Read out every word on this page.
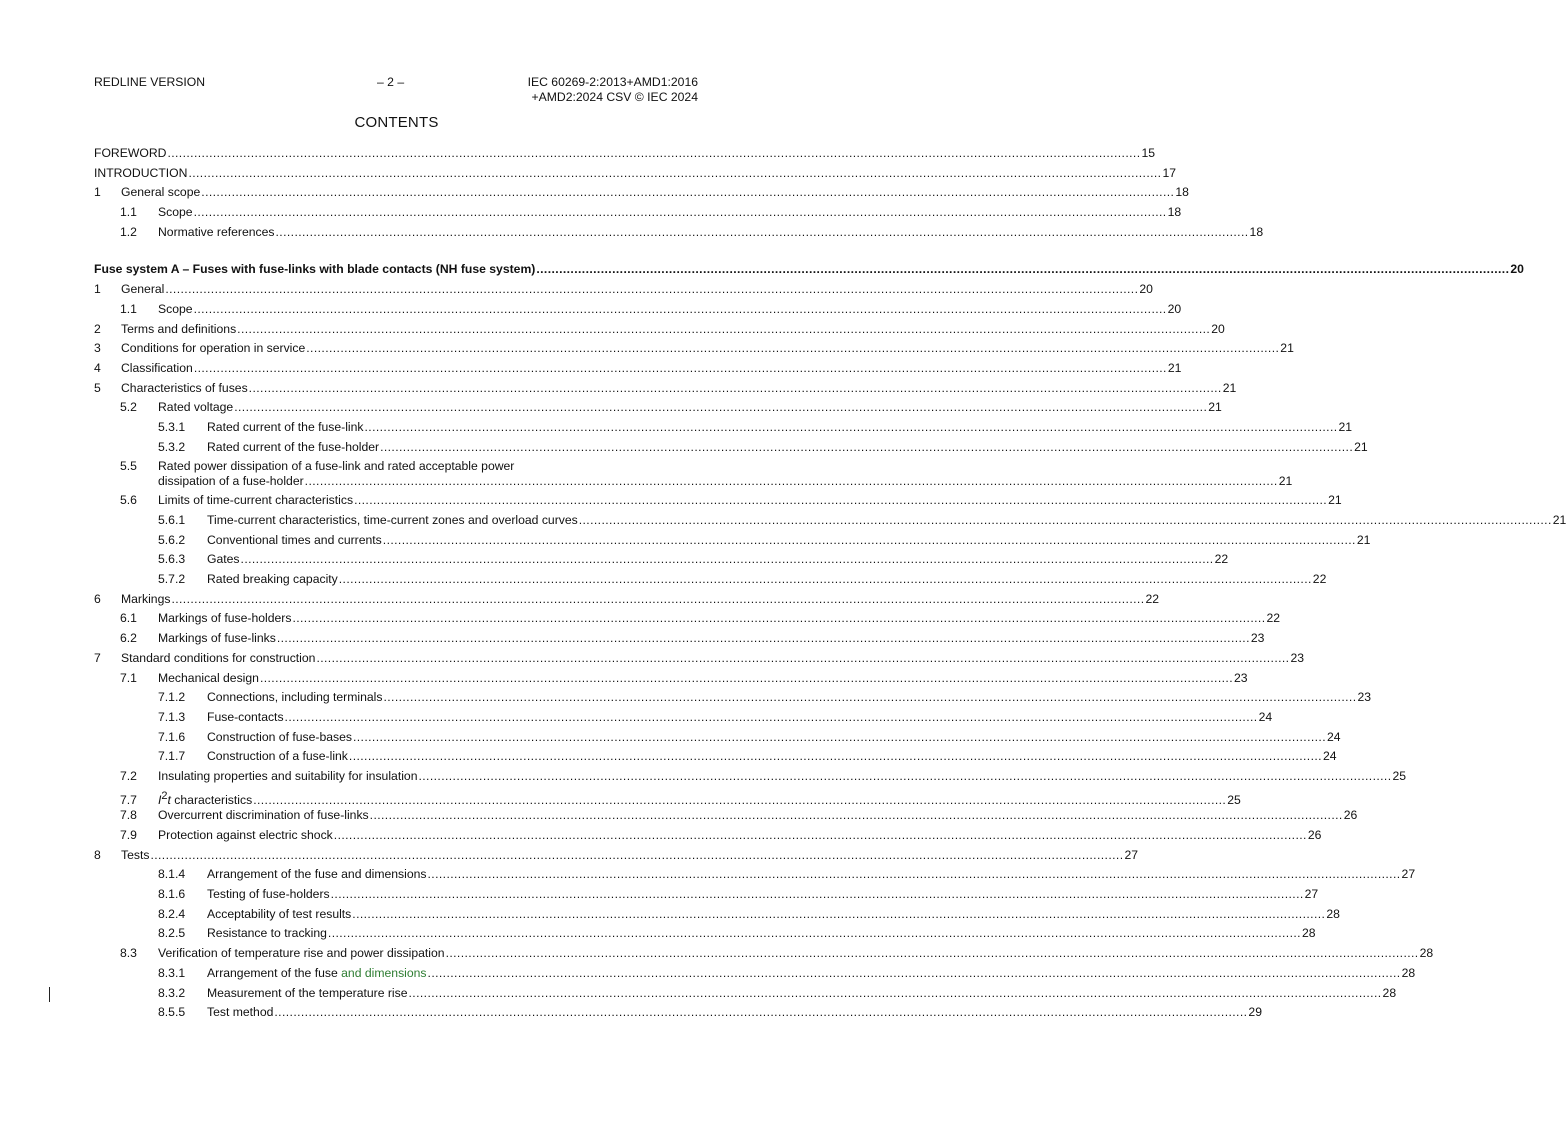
REDLINE VERSION	– 2 –	IEC 60269-2:2013+AMD1:2016
+AMD2:2024 CSV © IEC 2024
CONTENTS
FOREWORD .....	15
INTRODUCTION .....	17
1	General scope .....	18
1.1	Scope .....	18
1.2	Normative references .....	18
Fuse system A – Fuses with fuse-links with blade contacts (NH fuse system) .....	20
1	General .....	20
1.1	Scope .....	20
2	Terms and definitions .....	20
3	Conditions for operation in service .....	21
4	Classification .....	21
5	Characteristics of fuses .....	21
5.2	Rated voltage .....	21
5.3.1	Rated current of the fuse-link .....	21
5.3.2	Rated current of the fuse-holder .....	21
5.5	Rated power dissipation of a fuse-link and rated acceptable power
dissipation of a fuse-holder .....	21
5.6	Limits of time-current characteristics .....	21
5.6.1	Time-current characteristics, time-current zones and overload curves .....	21
5.6.2	Conventional times and currents .....	21
5.6.3	Gates .....	22
5.7.2	Rated breaking capacity .....	22
6	Markings .....	22
6.1	Markings of fuse-holders .....	22
6.2	Markings of fuse-links .....	23
7	Standard conditions for construction .....	23
7.1	Mechanical design .....	23
7.1.2	Connections, including terminals .....	23
7.1.3	Fuse-contacts .....	24
7.1.6	Construction of fuse-bases .....	24
7.1.7	Construction of a fuse-link .....	24
7.2	Insulating properties and suitability for insulation .....	25
7.7	I2t characteristics .....	25
7.8	Overcurrent discrimination of fuse-links .....	26
7.9	Protection against electric shock .....	26
8	Tests .....	27
8.1.4	Arrangement of the fuse and dimensions .....	27
8.1.6	Testing of fuse-holders .....	27
8.2.4	Acceptability of test results .....	28
8.2.5	Resistance to tracking .....	28
8.3	Verification of temperature rise and power dissipation .....	28
8.3.1	Arrangement of the fuse and dimensions .....	28
8.3.2	Measurement of the temperature rise .....	28
8.5.5	Test method .....	29
